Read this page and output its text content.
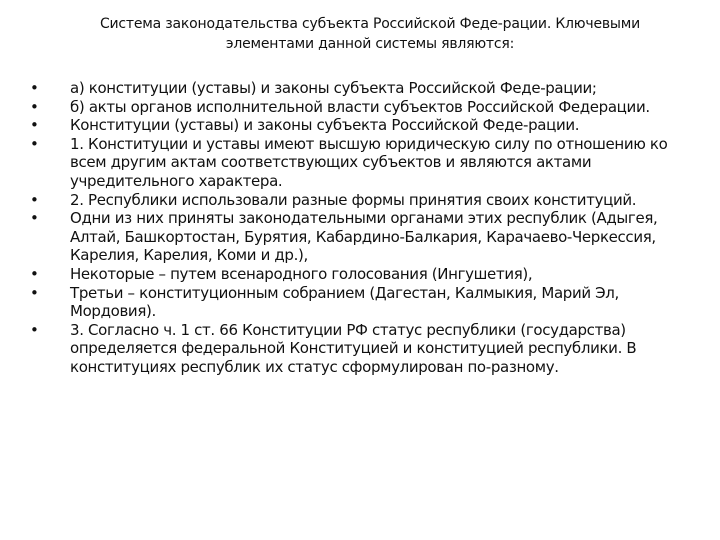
Система законодательства субъекта Российской Феде-рации. Ключевыми элементами данной системы являются:
•	а) конституции (уставы) и законы субъекта Российской Феде-рации;
•	б) акты органов исполнительной власти субъектов Российской Федерации.
•	Конституции (уставы) и законы субъекта Российской Феде-рации.
•	1. Конституции и уставы имеют высшую юридическую силу по отношению ко всем другим актам соответствующих субъектов и являются актами учредительного характера.
•	2. Республики использовали разные формы принятия своих конституций.
•	Одни из них приняты законодательными органами этих республик (Адыгея, Алтай, Башкортостан, Бурятия, Кабардино-Балкария, Карачаево-Черкессия, Карелия, Карелия, Коми и др.),
•	Некоторые – путем всенародного голосования (Ингушетия),
•	Третьи – конституционным собранием (Дагестан, Калмыкия, Марий Эл, Мордовия).
•	3. Согласно ч. 1 ст. 66 Конституции РФ статус республики (государства) определяется федеральной Конституцией и конституцией республики. В конституциях республик их статус сформулирован по-разному.
